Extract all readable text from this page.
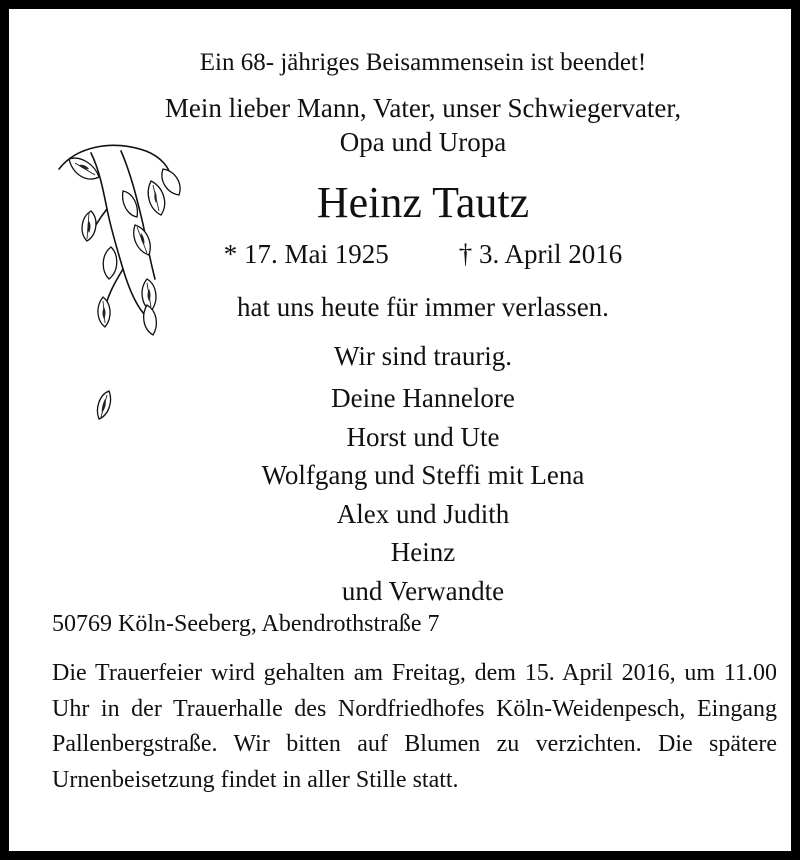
Ein 68- jähriges Beisammensein ist beendet!
Mein lieber Mann, Vater, unser Schwiegervater,
Opa und Uropa
Heinz Tautz
* 17. Mai 1925	† 3. April 2016
hat uns heute für immer verlassen.
Wir sind traurig.
Deine Hannelore
Horst und Ute
Wolfgang und Steffi mit Lena
Alex und Judith
Heinz
und Verwandte
50769 Köln-Seeberg, Abendrothstraße 7
Die Trauerfeier wird gehalten am Freitag, dem 15. April 2016, um 11.00 Uhr in der Trauerhalle des Nordfriedhofes Köln-Weidenpesch, Eingang Pallenbergstraße. Wir bitten auf Blumen zu verzichten. Die spätere Urnenbeisetzung findet in aller Stille statt.
